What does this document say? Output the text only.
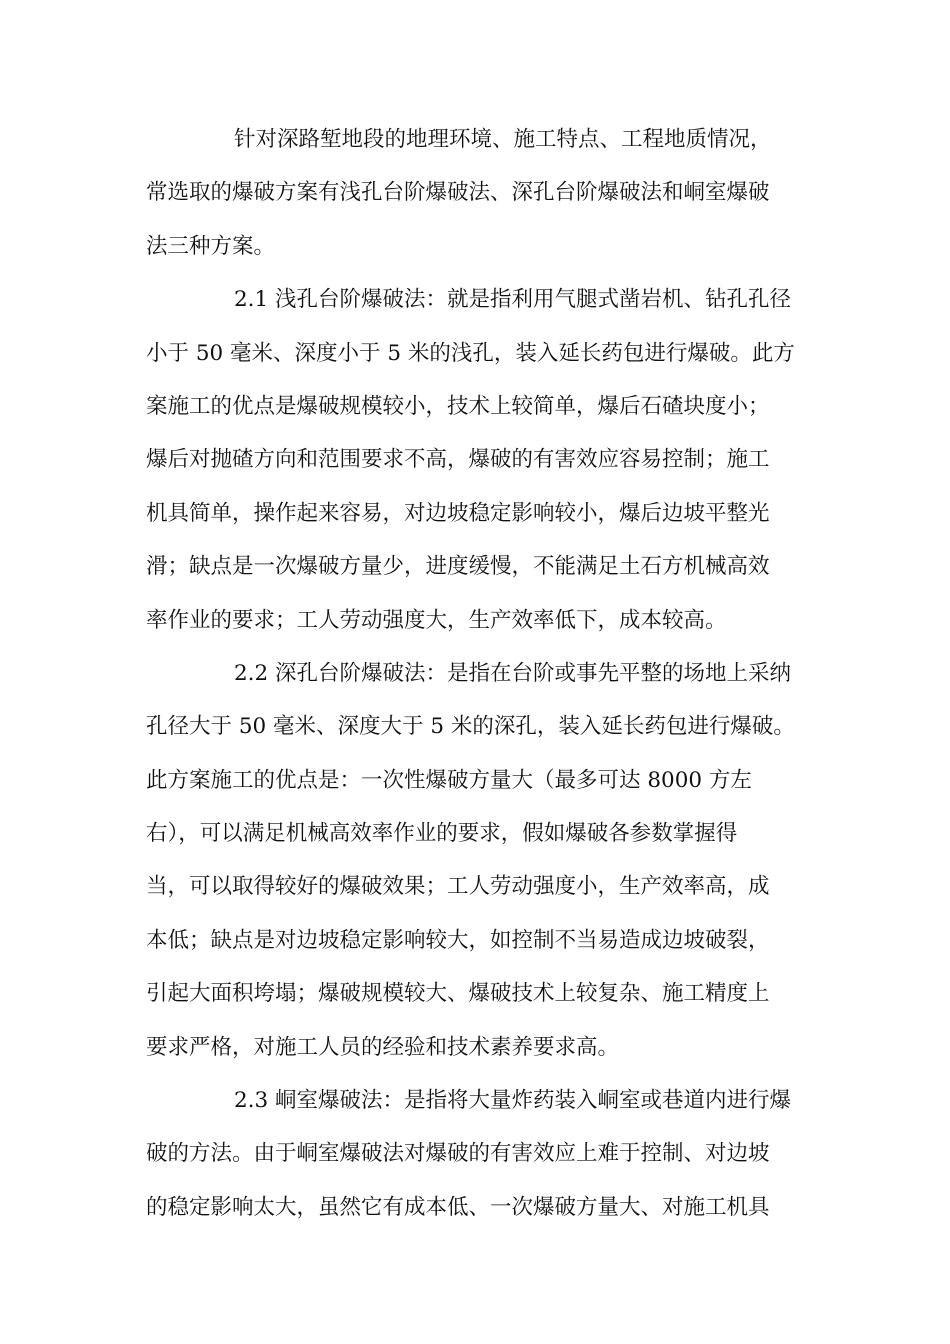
针对深路堑地段的地理环境、施工特点、工程地质情况，
常选取的爆破方案有浅孔台阶爆破法、深孔台阶爆破法和峒室爆破
法三种方案。
2.1 浅孔台阶爆破法：就是指利用气腿式凿岩机、钻孔孔径
小于 50 毫米、深度小于 5 米的浅孔，装入延长药包进行爆破。此方
案施工的优点是爆破规模较小，技术上较简单，爆后石碴块度小；
爆后对抛碴方向和范围要求不高，爆破的有害效应容易控制；施工
机具简单，操作起来容易，对边坡稳定影响较小，爆后边坡平整光
滑；缺点是一次爆破方量少，进度缓慢，不能满足土石方机械高效
率作业的要求；工人劳动强度大，生产效率低下，成本较高。
2.2 深孔台阶爆破法：是指在台阶或事先平整的场地上采纳
孔径大于 50 毫米、深度大于 5 米的深孔，装入延长药包进行爆破。
此方案施工的优点是：一次性爆破方量大（最多可达 8000 方左
右），可以满足机械高效率作业的要求，假如爆破各参数掌握得
当，可以取得较好的爆破效果；工人劳动强度小，生产效率高，成
本低；缺点是对边坡稳定影响较大，如控制不当易造成边坡破裂，
引起大面积垮塌；爆破规模较大、爆破技术上较复杂、施工精度上
要求严格，对施工人员的经验和技术素养要求高。
2.3 峒室爆破法：是指将大量炸药装入峒室或巷道内进行爆
破的方法。由于峒室爆破法对爆破的有害效应上难于控制、对边坡
的稳定影响太大，虽然它有成本低、一次爆破方量大、对施工机具
